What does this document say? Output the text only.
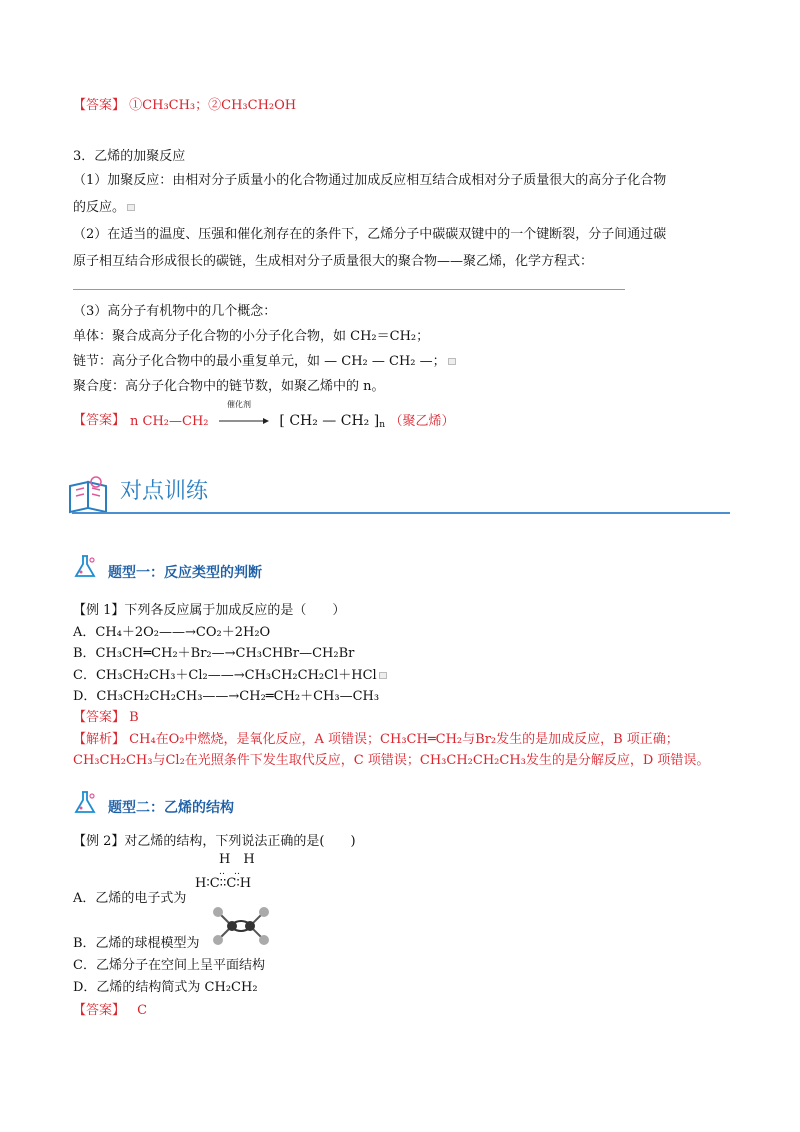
【答案】 ①CH₃CH₃；②CH₃CH₂OH
3．乙烯的加聚反应
（1）加聚反应：由相对分子质量小的化合物通过加成反应相互结合成相对分子质量很大的高分子化合物
的反应。
（2）在适当的温度、压强和催化剂存在的条件下，乙烯分子中碳碳双键中的一个键断裂，分子间通过碳
原子相互结合形成很长的碳链，生成相对分子质量很大的聚合物——聚乙烯，化学方程式：
（3）高分子有机物中的几个概念：
单体：聚合成高分子化合物的小分子化合物，如 CH₂＝CH₂；
链节：高分子化合物中的最小重复单元，如 — CH₂ — CH₂ —；
聚合度：高分子化合物中的链节数，如聚乙烯中的 n。
【答案】 n CH₂—CH₂
催化剂
[ CH₂ — CH₂ ]$_n$ （聚乙烯）
对点训练
题型一：反应类型的判断
【例 1】下列各反应属于加成反应的是（　　）
A．CH₄＋2O₂——→CO₂＋2H₂O
B．CH₃CH═CH₂＋Br₂—→CH₃CHBr—CH₂Br
C．CH₃CH₂CH₃＋Cl₂——→CH₃CH₂CH₂Cl＋HCl
D．CH₃CH₂CH₂CH₃——→CH₂═CH₂＋CH₃—CH₃
【答案】 B
【解析】 CH₄在O₂中燃烧，是氧化反应，A 项错误；CH₃CH═CH₂与Br₂发生的是加成反应，B 项正确；
CH₃CH₂CH₃与Cl₂在光照条件下发生取代反应，C 项错误；CH₃CH₂CH₂CH₃发生的是分解反应，D 项错误。
题型二：乙烯的结构
【例 2】对乙烯的结构，下列说法正确的是(　　)
H　H
‥　‥
H∶C∶∶C∶H
A．乙烯的电子式为
B．乙烯的球棍模型为
C．乙烯分子在空间上呈平面结构
D．乙烯的结构简式为 CH₂CH₂
【答案】 C
